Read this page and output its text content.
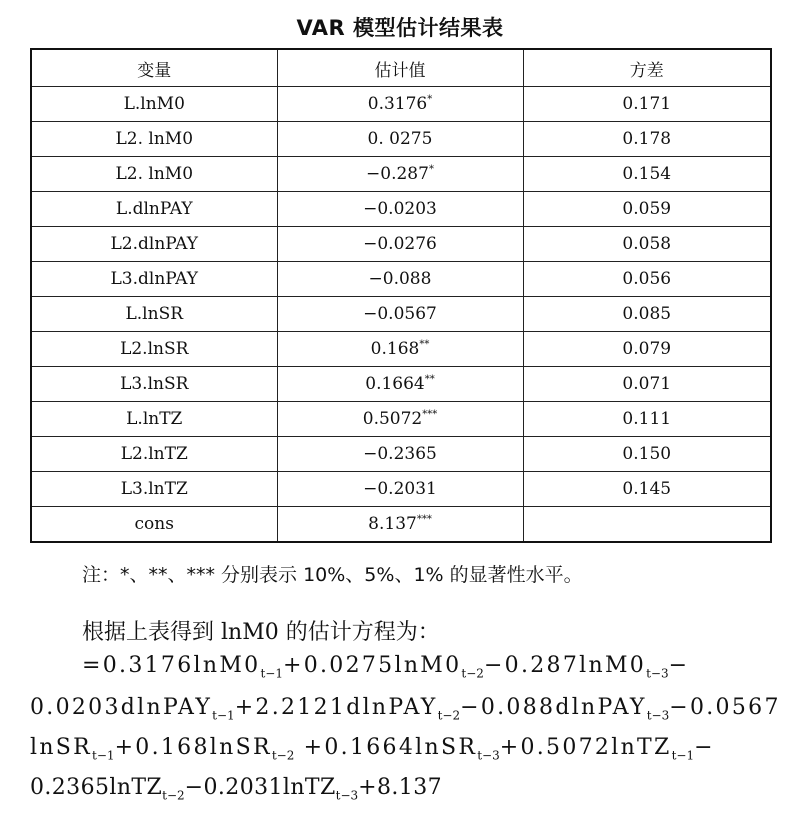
VAR 模型估计结果表
变量	估计值	方差
L.lnM0	0.3176*	0.171
L2. lnM0	0. 0275	0.178
L2. lnM0	−0.287*	0.154
L.dlnPAY	−0.0203	0.059
L2.dlnPAY	−0.0276	0.058
L3.dlnPAY	−0.088	0.056
L.lnSR	−0.0567	0.085
L2.lnSR	0.168**	0.079
L3.lnSR	0.1664**	0.071
L.lnTZ	0.5072***	0.111
L2.lnTZ	−0.2365	0.150
L3.lnTZ	−0.2031	0.145
cons	8.137***	
注：*、**、*** 分别表示 10%、5%、1% 的显著性水平。
根据上表得到 lnM0 的估计方程为：
$=0.3176\ln M0_{t-1}+0.0275\ln M0_{t-2}-0.287\ln M0_{t-3}-$
0.0203dlnPAY$_{t-1}$+2.2121dlnPAY$_{t-2}$−0.088dlnPAY$_{t-3}$−0.0567
lnSR$_{t-1}$+0.168lnSR$_{t-2}$ +0.1664lnSR$_{t-3}$+0.5072lnTZ$_{t-1}$−
0.2365lnTZ$_{t-2}$−0.2031lnTZ$_{t-3}$+8.137
